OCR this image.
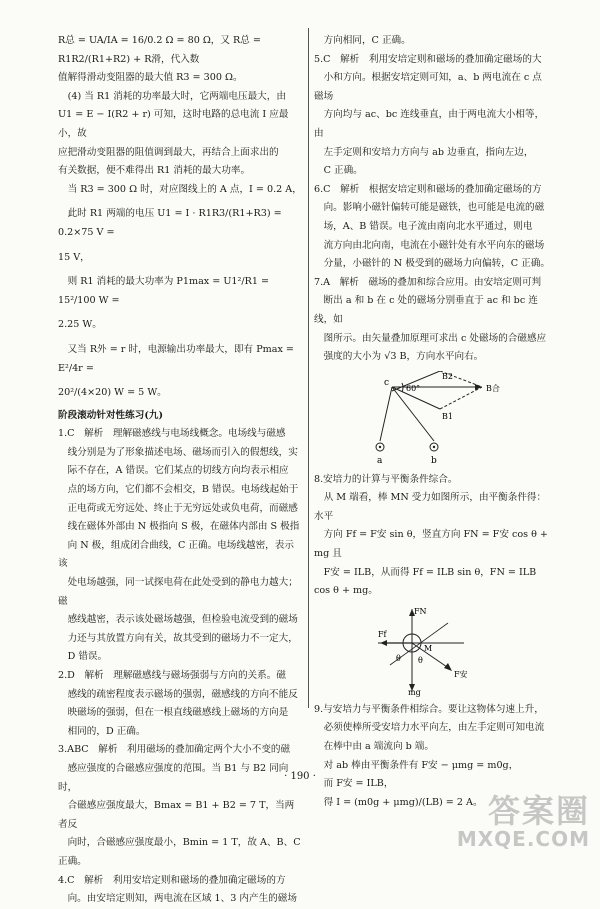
R总 = UA/IA = 16/0.2 Ω = 80 Ω，又 R总 = R1R2/(R1+R2) + R滑，代入数

值解得滑动变阻器的最大值 R3 = 300 Ω。

(4) 当 R1 消耗的功率最大时，它两端电压最大，由

U1 = E − I(R2 + r) 可知，这时电路的总电流 I 应最小，故

应把滑动变阻器的阻值调到最大，再结合上面求出的

有关数据，便不难得出 R1 消耗的最大功率。

当 R3 = 300 Ω 时，对应图线上的 A 点，I = 0.2 A，

此时 R1 两端的电压 U1 = I · R1R3/(R1+R3) = 0.2×75 V =

15 V，

则 R1 消耗的最大功率为 P1max = U1²/R1 = 15²/100 W =

2.25 W。

又当 R外 = r 时，电源输出功率最大，即有 Pmax = E²/4r =

20²/(4×20) W = 5 W。

阶段滚动针对性练习(九)

1.C　解析　理解磁感线与电场线概念。电场线与磁感

线分别是为了形象描述电场、磁场而引入的假想线，实

际不存在，A 错误。它们某点的切线方向均表示相应

点的场方向，它们都不会相交，B 错误。电场线起始于

正电荷或无穷远处、终止于无穷远处或负电荷，而磁感

线在磁体外部由 N 极指向 S 极，在磁体内部由 S 极指

向 N 极，组成闭合曲线，C 正确。电场线越密，表示该

处电场越强，同一试探电荷在此处受到的静电力越大；磁

感线越密，表示该处磁场越强，但检验电流受到的磁场

力还与其放置方向有关，故其受到的磁场力不一定大，

D 错误。

2.D　解析　理解磁感线与磁场强弱与方向的关系。磁

感线的疏密程度表示磁场的强弱，磁感线的方向不能反

映磁场的强弱，但在一根直线磁感线上磁场的方向是

相同的，D 正确。

3.ABC　解析　利用磁场的叠加确定两个大小不变的磁

感应强度的合磁感应强度的范围。当 B1 与 B2 同向时，

合磁感应强度最大，Bmax = B1 + B2 = 7 T，当两者反

向时，合磁感应强度最小，Bmin = 1 T，故 A、B、C 正确。

4.C　解析　利用安培定则和磁场的叠加确定磁场的方

向。由安培定则知，两电流在区域 1、3 内产生的磁场

方向相同，C 正确。

5.C　解析　利用安培定则和磁场的叠加确定磁场的大

小和方向。根据安培定则可知，a、b 两电流在 c 点磁场

方向均与 ac、bc 连线垂直，由于两电流大小相等，由

左手定则和安培力方向与 ab 边垂直，指向左边，

C 正确。

6.C　解析　根据安培定则和磁场的叠加确定磁场的方

向。影响小磁针偏转可能是磁铁，也可能是电流的磁

场，A、B 错误。电子流由南向北水平通过，则电

流方向由北向南，电流在小磁针处有水平向东的磁场

分量，小磁针的 N 极受到的磁场力向偏转，C 正确。

7.A　解析　磁场的叠加和综合应用。由安培定则可判

断出 a 和 b 在 c 处的磁场分别垂直于 ac 和 bc 连线，如

图所示。由矢量叠加原理可求出 c 处磁场的合磁感应

强度的大小为 √3 B，方向水平向右。

c
60°
B2
B1
B合
a	b

8.安培力的计算与平衡条件综合。

从 M 端看，棒 MN 受力如图所示，由平衡条件得：水平

方向 Ff = F安 sin θ，竖直方向 FN = F安 cos θ + mg 且

F安 = ILB，从而得 Ff = ILB sin θ，FN = ILB cos θ + mg。

FN
Ff
M
θ θ
mg
F安

9.与安培力与平衡条件相综合。要让这物体匀速上升，

必须使棒所受安培力水平向左，由左手定则可知电流

在棒中由 a 端流向 b 端。

对 ab 棒由平衡条件有 F安 − μmg = m0g，

而 F安 = ILB，

得 I = (m0g + μmg)/(LB) = 2 A。

· 190 ·
答案圈
MXQE.COM
